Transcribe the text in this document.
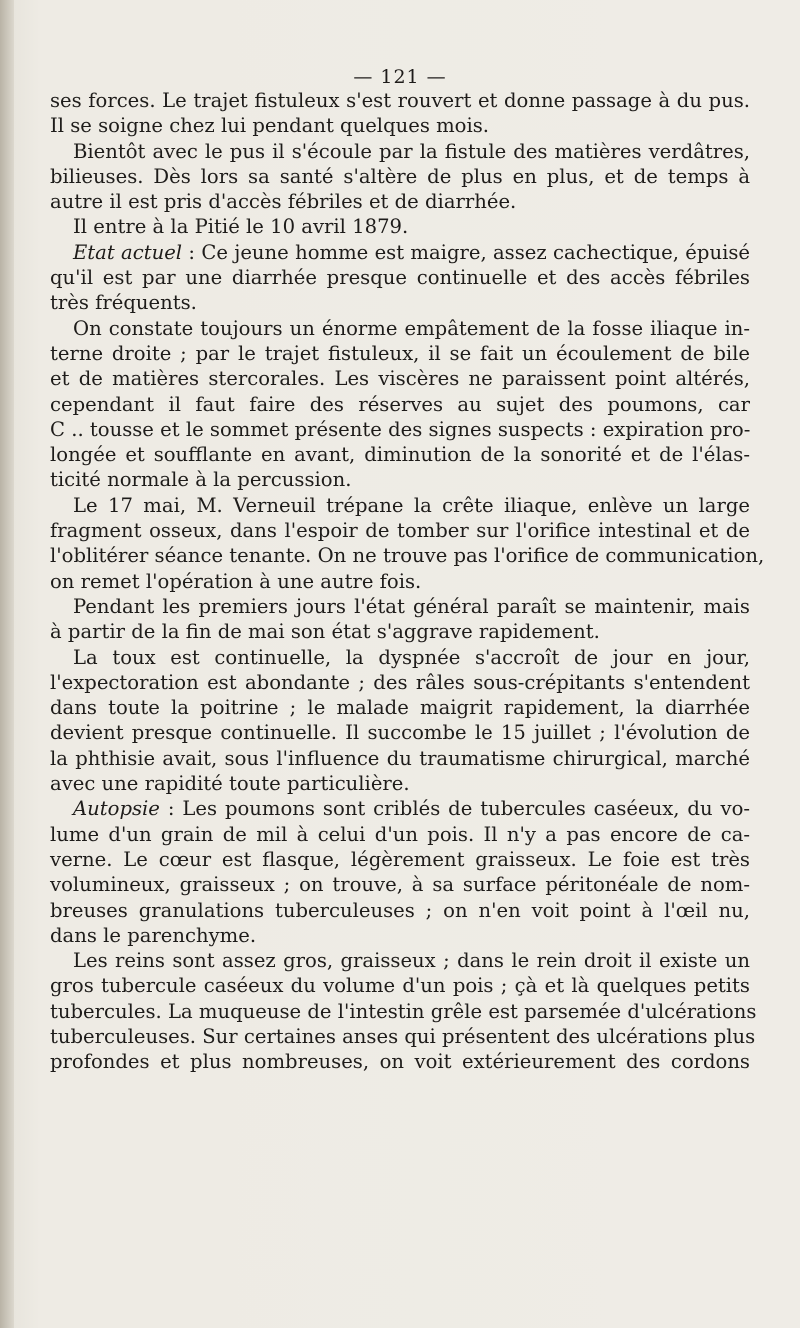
— 121 —
ses forces. Le trajet fistuleux s'est rouvert et donne passage à du pus.
Il se soigne chez lui pendant quelques mois.
Bientôt avec le pus il s'écoule par la fistule des matières verdâtres,
bilieuses. Dès lors sa santé s'altère de plus en plus, et de temps à
autre il est pris d'accès fébriles et de diarrhée.
Il entre à la Pitié le 10 avril 1879.
Etat actuel : Ce jeune homme est maigre, assez cachectique, épuisé
qu'il est par une diarrhée presque continuelle et des accès fébriles
très fréquents.
On constate toujours un énorme empâtement de la fosse iliaque in-
terne droite ; par le trajet fistuleux, il se fait un écoulement de bile
et de matières stercorales. Les viscères ne paraissent point altérés,
cependant il faut faire des réserves au sujet des poumons, car
C .. tousse et le sommet présente des signes suspects : expiration pro-
longée et soufflante en avant, diminution de la sonorité et de l'élas-
ticité normale à la percussion.
Le 17 mai, M. Verneuil trépane la crête iliaque, enlève un large
fragment osseux, dans l'espoir de tomber sur l'orifice intestinal et de
l'oblitérer séance tenante. On ne trouve pas l'orifice de communication,
on remet l'opération à une autre fois.
Pendant les premiers jours l'état général paraît se maintenir, mais
à partir de la fin de mai son état s'aggrave rapidement.
La toux est continuelle, la dyspnée s'accroît de jour en jour,
l'expectoration est abondante ; des râles sous-crépitants s'entendent
dans toute la poitrine ; le malade maigrit rapidement, la diarrhée
devient presque continuelle. Il succombe le 15 juillet ; l'évolution de
la phthisie avait, sous l'influence du traumatisme chirurgical, marché
avec une rapidité toute particulière.
Autopsie : Les poumons sont criblés de tubercules caséeux, du vo-
lume d'un grain de mil à celui d'un pois. Il n'y a pas encore de ca-
verne. Le cœur est flasque, légèrement graisseux. Le foie est très
volumineux, graisseux ; on trouve, à sa surface péritonéale de nom-
breuses granulations tuberculeuses ; on n'en voit point à l'œil nu,
dans le parenchyme.
Les reins sont assez gros, graisseux ; dans le rein droit il existe un
gros tubercule caséeux du volume d'un pois ; çà et là quelques petits
tubercules. La muqueuse de l'intestin grêle est parsemée d'ulcérations
tuberculeuses. Sur certaines anses qui présentent des ulcérations plus
profondes et plus nombreuses, on voit extérieurement des cordons
